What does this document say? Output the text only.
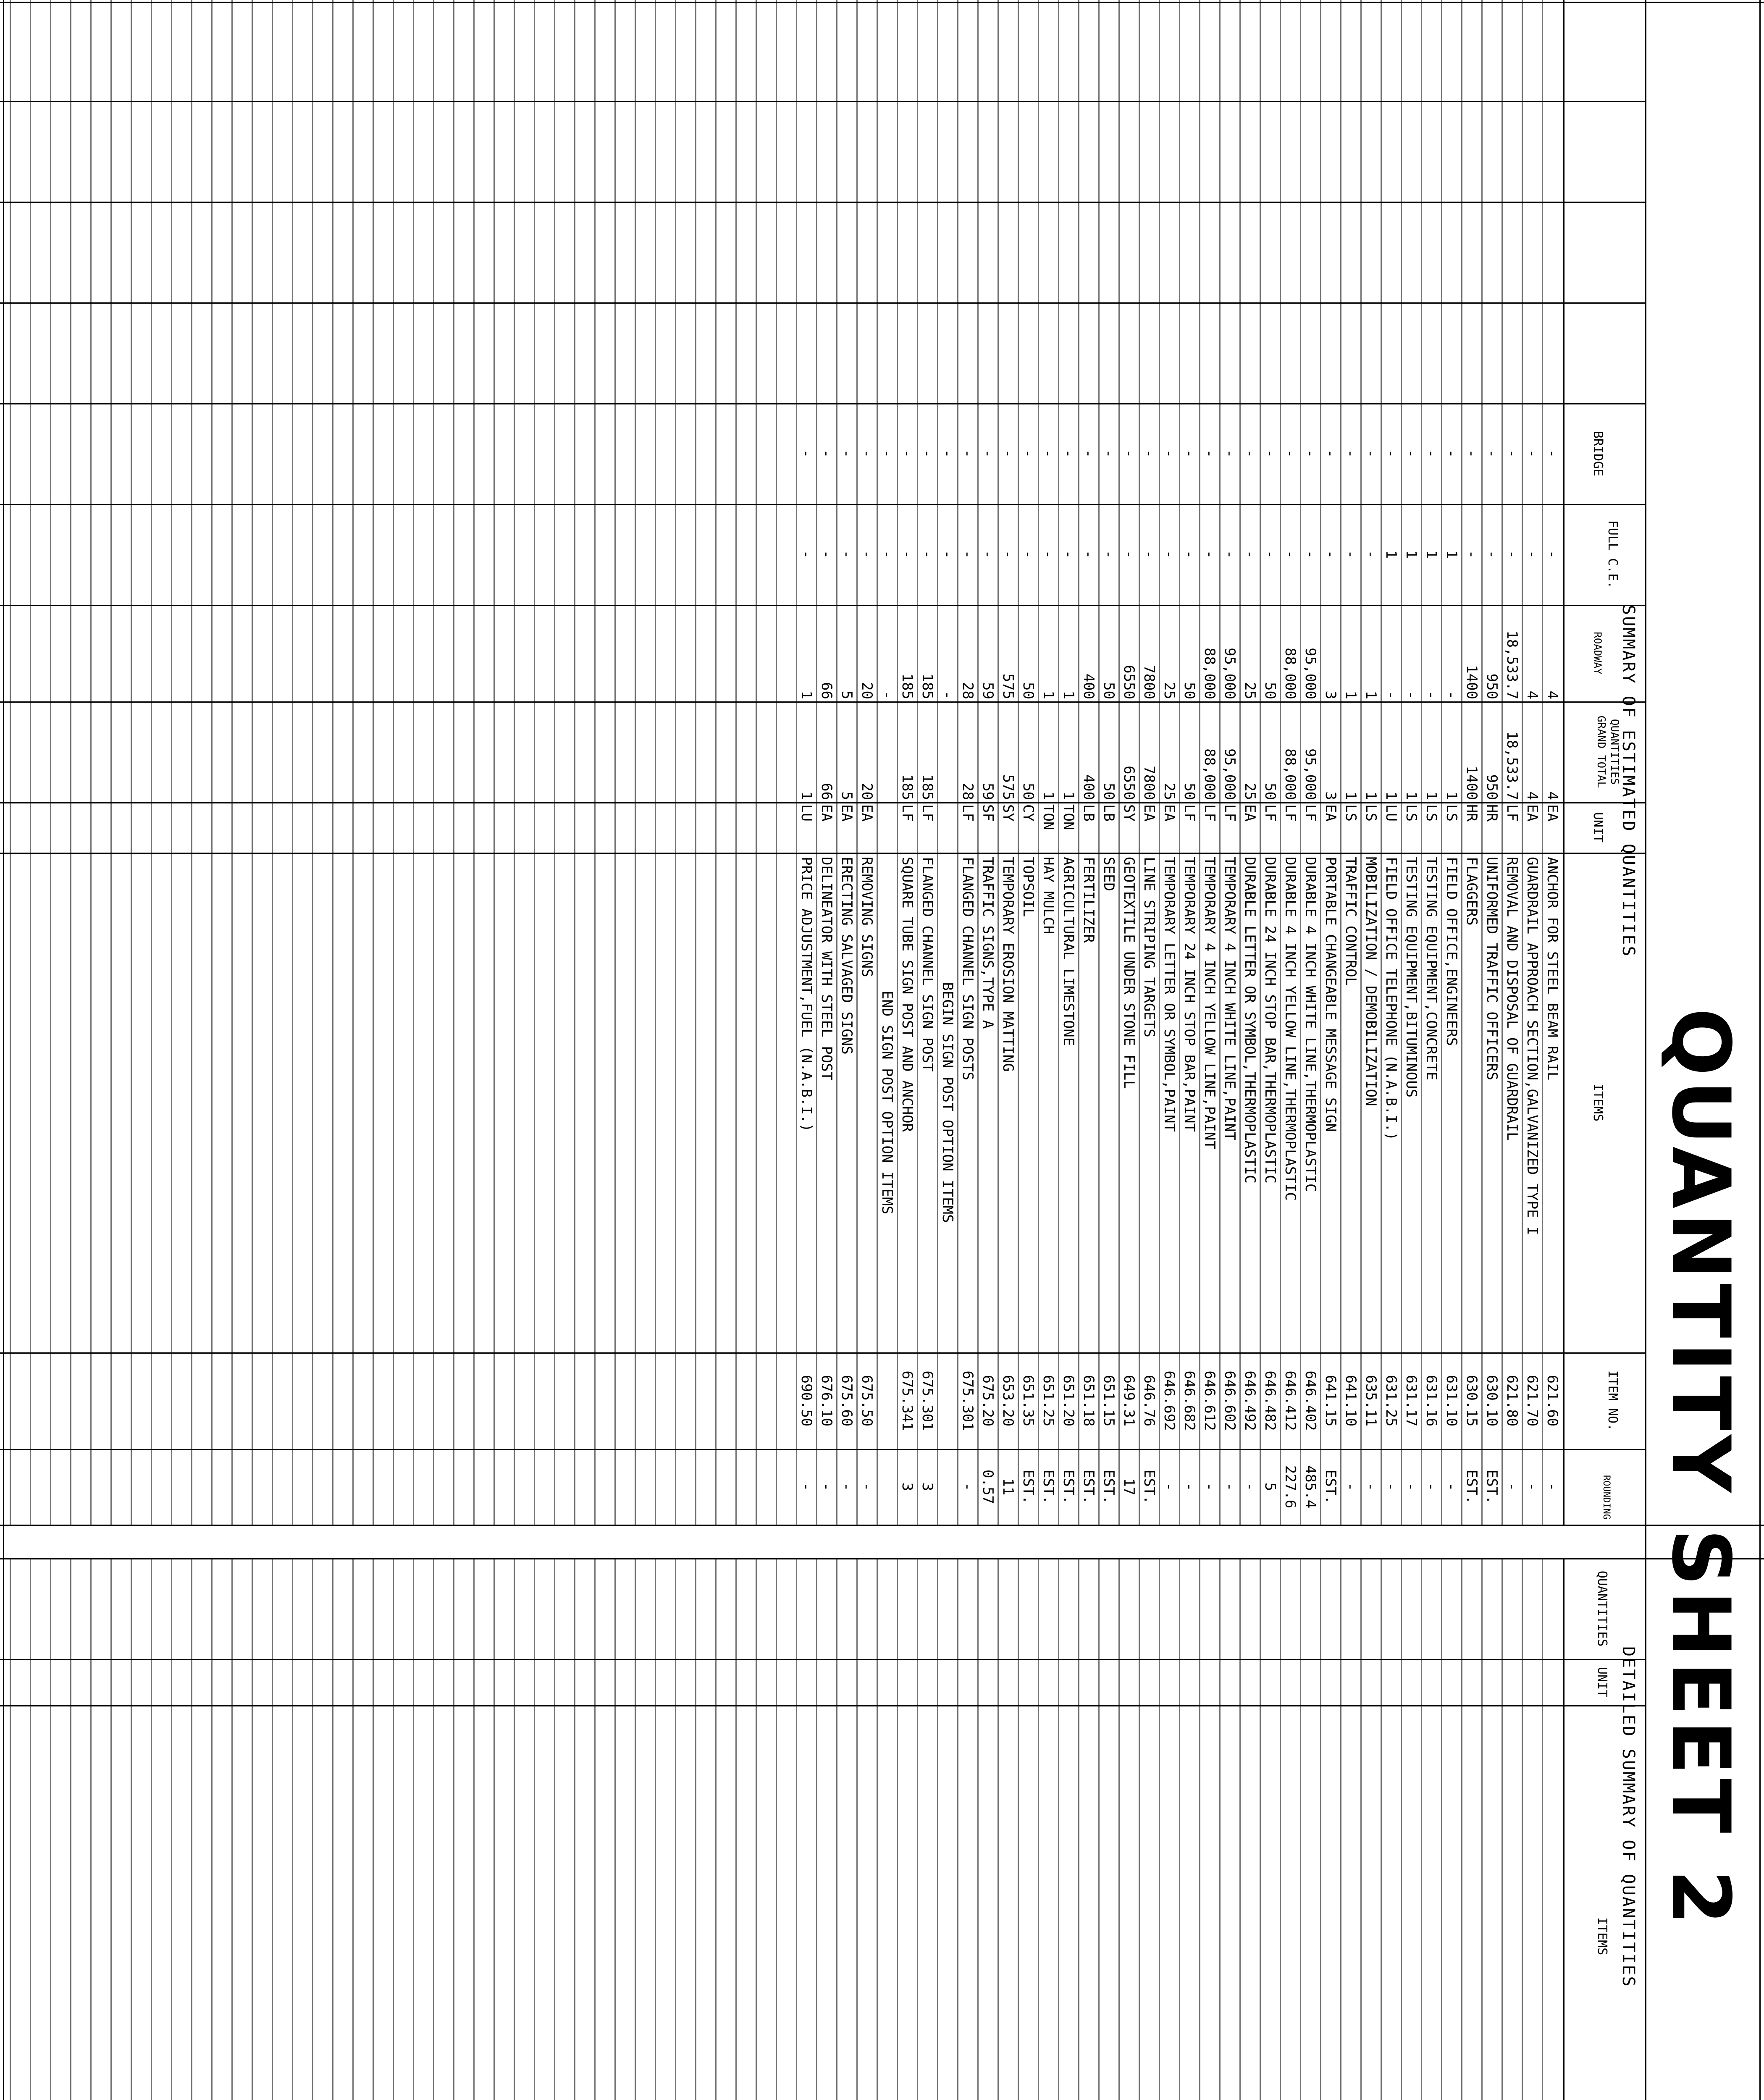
QUANTITY SHEET 2
SUMMARY OF ESTIMATED QUANTITIES
DETAILED SUMMARY OF QUANTITIES
ROUNDING
ITEM NO.
ITEMS
UNIT
QUANTITIES GRAND TOTAL
ROADWAY
FULL C.E.
BRIDGE
QUANTITIES
UNIT
ITEMS
-
621.60
ANCHOR FOR STEEL BEAM RAIL
EA
4
4
-
-
-
621.70
GUARDRAIL APPROACH SECTION,GALVANIZED TYPE I
EA
4
4
-
-
-
621.80
REMOVAL AND DISPOSAL OF GUARDRAIL
LF
18,533.7
18,533.7
-
-
EST.
630.10
UNIFORMED TRAFFIC OFFICERS
HR
950
950
-
-
EST.
630.15
FLAGGERS
HR
1400
1400
-
-
-
631.10
FIELD OFFICE,ENGINEERS
LS
1
-
1
-
-
631.16
TESTING EQUIPMENT,CONCRETE
LS
1
-
1
-
-
631.17
TESTING EQUIPMENT,BITUMINOUS
LS
1
-
1
-
-
631.25
FIELD OFFICE TELEPHONE (N.A.B.I.)
LU
1
-
1
-
-
635.11
MOBILIZATION / DEMOBILIZATION
LS
1
1
-
-
-
641.10
TRAFFIC CONTROL
LS
1
1
-
-
EST.
641.15
PORTABLE CHANGEABLE MESSAGE SIGN
EA
3
3
-
-
485.4
646.402
DURABLE 4 INCH WHITE LINE,THERMOPLASTIC
LF
95,000
95,000
-
-
227.6
646.412
DURABLE 4 INCH YELLOW LINE,THERMOPLASTIC
LF
88,000
88,000
-
-
5
646.482
DURABLE 24 INCH STOP BAR,THERMOPLASTIC
LF
50
50
-
-
-
646.492
DURABLE LETTER OR SYMBOL,THERMOPLASTIC
EA
25
25
-
-
-
646.602
TEMPORARY 4 INCH WHITE LINE,PAINT
LF
95,000
95,000
-
-
-
646.612
TEMPORARY 4 INCH YELLOW LINE,PAINT
LF
88,000
88,000
-
-
-
646.682
TEMPORARY 24 INCH STOP BAR,PAINT
LF
50
50
-
-
-
646.692
TEMPORARY LETTER OR SYMBOL,PAINT
EA
25
25
-
-
EST.
646.76
LINE STRIPING TARGETS
EA
7800
7800
-
-
17
649.31
GEOTEXTILE UNDER STONE FILL
SY
6550
6550
-
-
EST.
651.15
SEED
LB
50
50
-
-
EST.
651.18
FERTILIZER
LB
400
400
-
-
EST.
651.20
AGRICULTURAL LIMESTONE
TON
1
1
-
-
EST.
651.25
HAY MULCH
TON
1
1
-
-
EST.
651.35
TOPSOIL
CY
50
50
-
-
11
653.20
TEMPORARY EROSION MATTING
SY
575
575
-
-
0.57
675.20
TRAFFIC SIGNS,TYPE A
SF
59
59
-
-
-
675.301
FLANGED CHANNEL SIGN POSTS
LF
28
28
-
-
BEGIN SIGN POST OPTION ITEMS
-
-
-
3
675.301
FLANGED CHANNEL SIGN POST
LF
185
185
-
-
3
675.341
SQUARE TUBE SIGN POST AND ANCHOR
LF
185
185
-
-
END SIGN POST OPTION ITEMS
-
-
-
-
675.50
REMOVING SIGNS
EA
20
20
-
-
-
675.60
ERECTING SALVAGED SIGNS
EA
5
5
-
-
-
676.10
DELINEATOR WITH STEEL POST
EA
66
66
-
-
-
690.50
PRICE ADJUSTMENT,FUEL (N.A.B.I.)
LU
1
1
-
-
